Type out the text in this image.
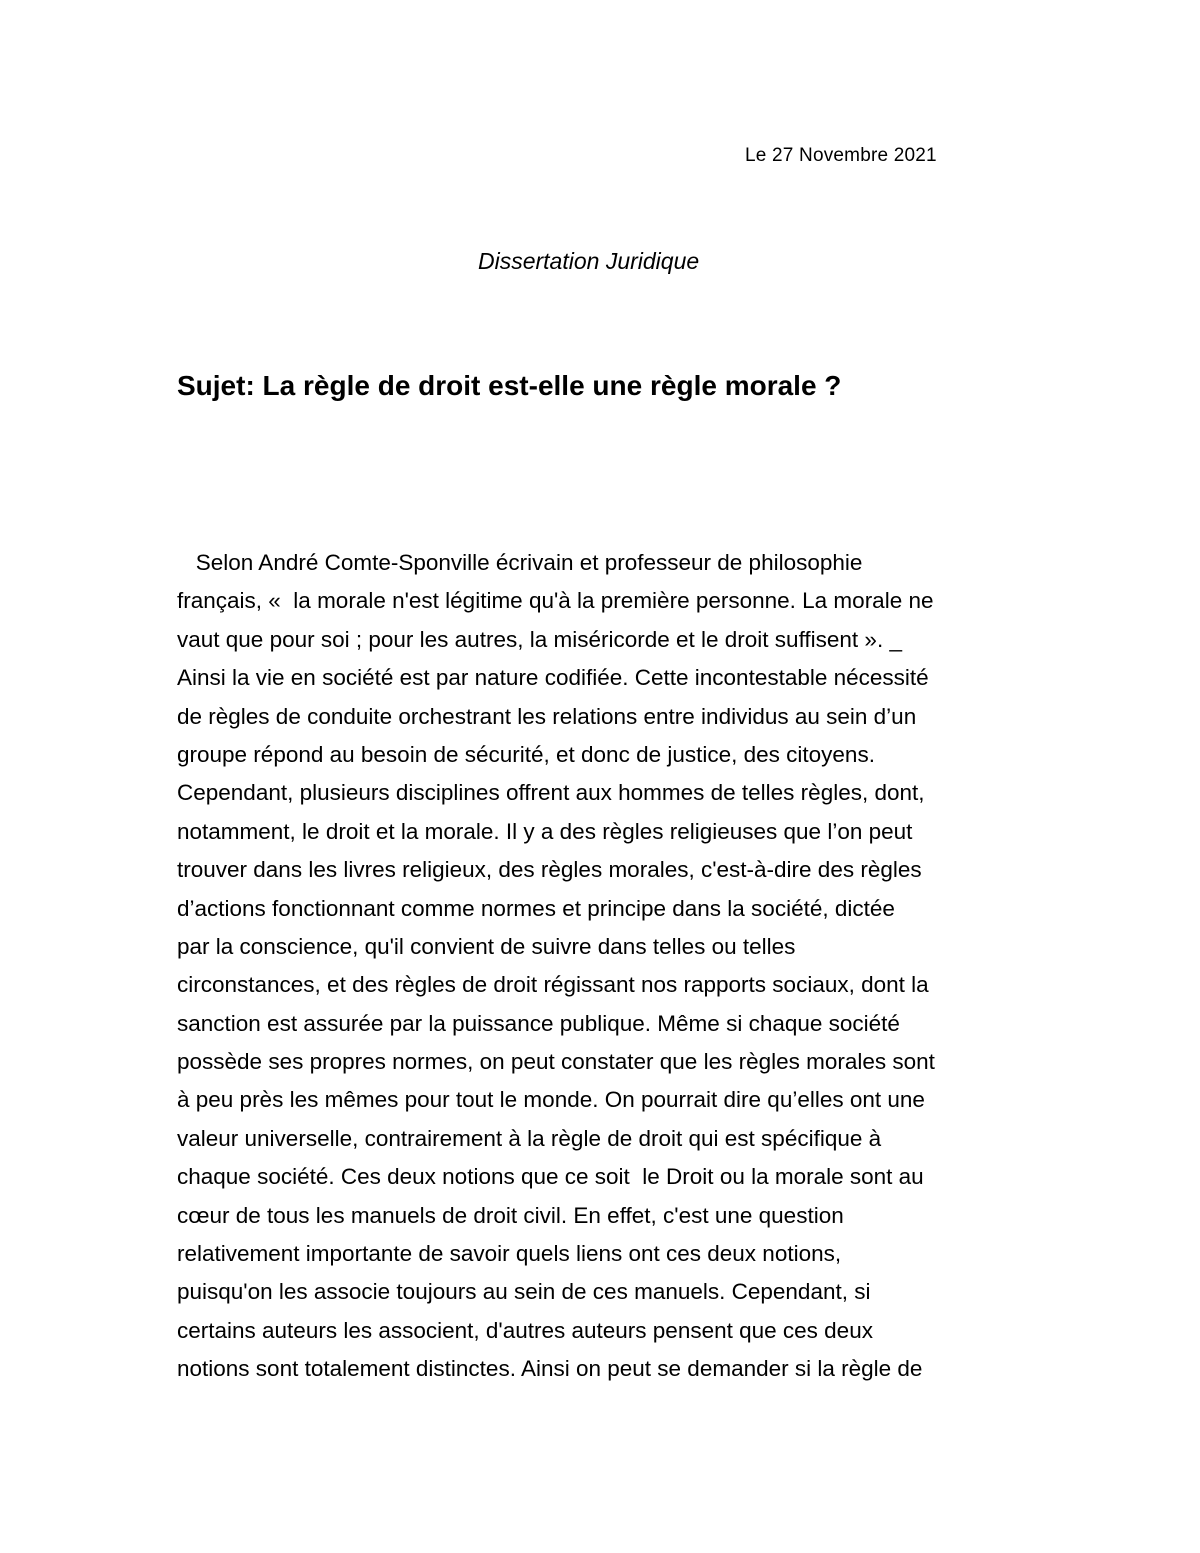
Le 27 Novembre 2021
Dissertation Juridique
Sujet: La règle de droit est-elle une règle morale ?
Selon André Comte-Sponville écrivain et professeur de philosophie
français, «  la morale n'est légitime qu'à la première personne. La morale ne
vaut que pour soi ; pour les autres, la miséricorde et le droit suffisent ». _
Ainsi la vie en société est par nature codifiée. Cette incontestable nécessité
de règles de conduite orchestrant les relations entre individus au sein d’un
groupe répond au besoin de sécurité, et donc de justice, des citoyens.
Cependant, plusieurs disciplines offrent aux hommes de telles règles, dont,
notamment, le droit et la morale. Il y a des règles religieuses que l’on peut
trouver dans les livres religieux, des règles morales, c'est-à-dire des règles
d’actions fonctionnant comme normes et principe dans la société, dictée
par la conscience, qu'il convient de suivre dans telles ou telles
circonstances, et des règles de droit régissant nos rapports sociaux, dont la
sanction est assurée par la puissance publique. Même si chaque société
possède ses propres normes, on peut constater que les règles morales sont
à peu près les mêmes pour tout le monde. On pourrait dire qu’elles ont une
valeur universelle, contrairement à la règle de droit qui est spécifique à
chaque société. Ces deux notions que ce soit  le Droit ou la morale sont au
cœur de tous les manuels de droit civil. En effet, c'est une question
relativement importante de savoir quels liens ont ces deux notions,
puisqu'on les associe toujours au sein de ces manuels. Cependant, si
certains auteurs les associent, d'autres auteurs pensent que ces deux
notions sont totalement distinctes. Ainsi on peut se demander si la règle de
